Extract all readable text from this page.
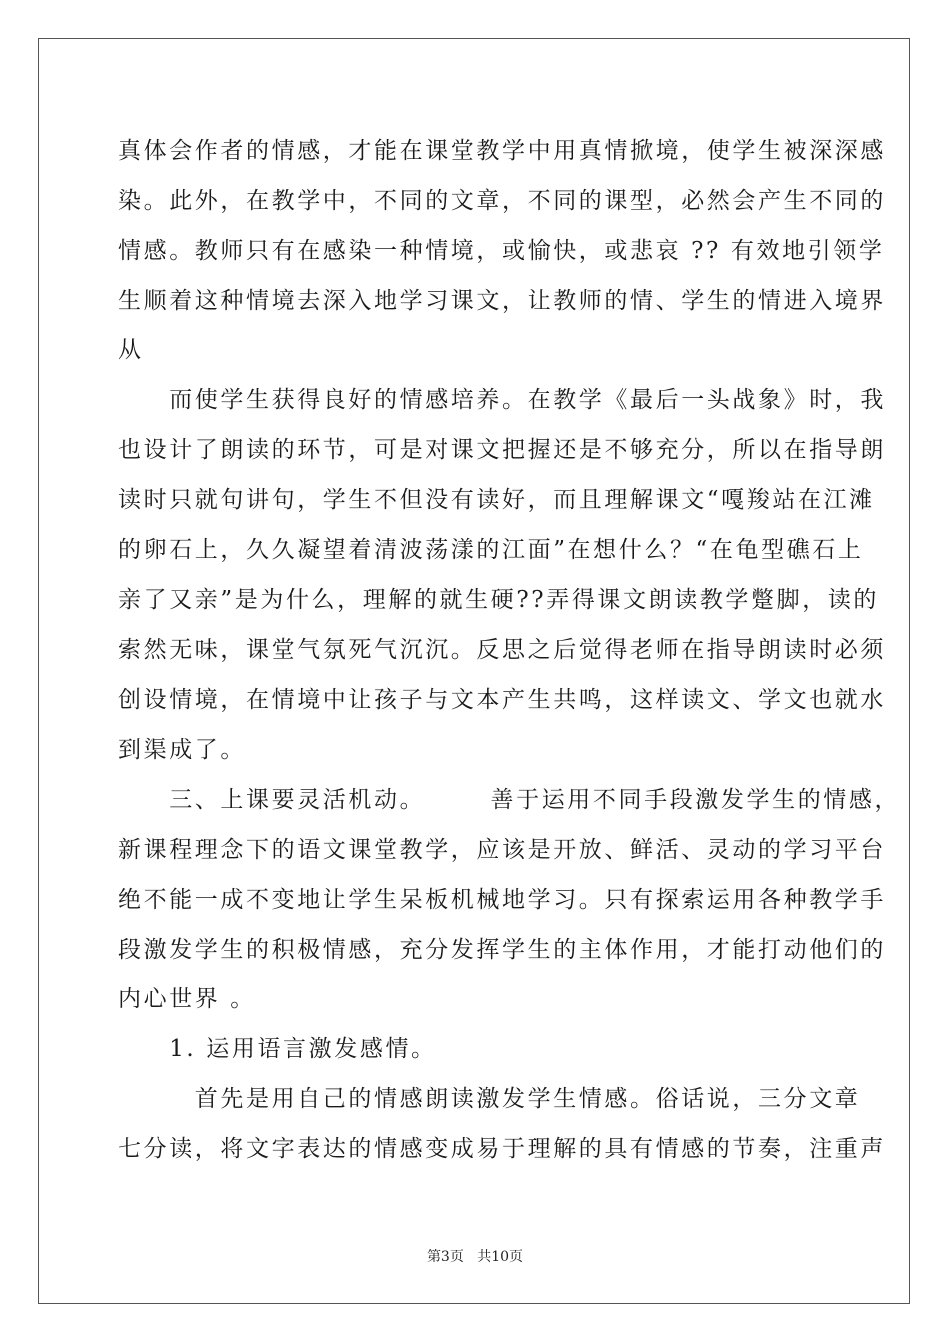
真体会作者的情感，才能在课堂教学中用真情掀境，使学生被深深感

染。此外，在教学中，不同的文章，不同的课型，必然会产生不同的

情感。教师只有在感染一种情境，或愉快，或悲哀 ?? 有效地引领学

生顺着这种情境去深入地学习课文，让教师的情、学生的情进入境界

从

　　而使学生获得良好的情感培养。在教学《最后一头战象》时，我

也设计了朗读的环节，可是对课文把握还是不够充分，所以在指导朗

读时只就句讲句，学生不但没有读好，而且理解课文“嘎羧站在江滩

的卵石上，久久凝望着清波荡漾的江面”在想什么？“在龟型礁石上

亲了又亲”是为什么，理解的就生硬??弄得课文朗读教学蹩脚，读的

索然无味，课堂气氛死气沉沉。反思之后觉得老师在指导朗读时必须

创设情境，在情境中让孩子与文本产生共鸣，这样读文、学文也就水

到渠成了。

　　三、上课要灵活机动。　　　善于运用不同手段激发学生的情感，

新课程理念下的语文课堂教学，应该是开放、鲜活、灵动的学习平台

绝不能一成不变地让学生呆板机械地学习。只有探索运用各种教学手

段激发学生的积极情感，充分发挥学生的主体作用，才能打动他们的

内心世界 。

　　1. 运用语言激发感情。

　　　首先是用自己的情感朗读激发学生情感。俗话说，三分文章

七分读，将文字表达的情感变成易于理解的具有情感的节奏，注重声

第3页 共10页
